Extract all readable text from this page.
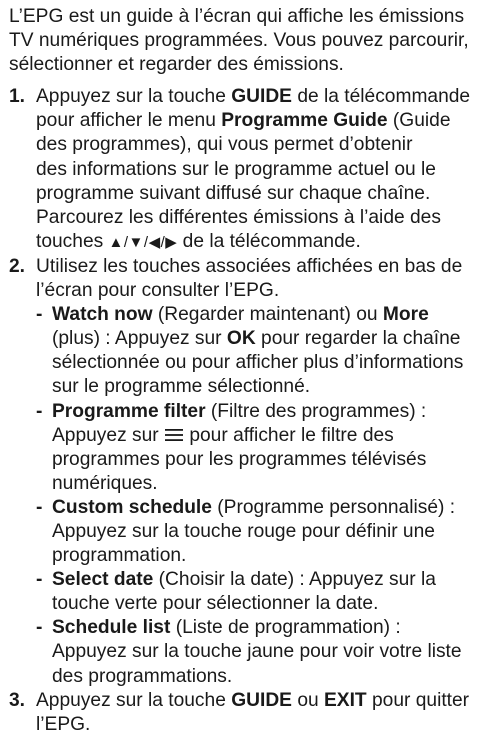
L’EPG est un guide à l’écran qui affiche les émissions

TV numériques programmées. Vous pouvez parcourir,

sélectionner et regarder des émissions.

1. Appuyez sur la touche GUIDE de la télécommande

pour afficher le menu Programme Guide (Guide

des programmes), qui vous permet d’obtenir

des informations sur le programme actuel ou le

programme suivant diffusé sur chaque chaîne.

Parcourez les différentes émissions à l’aide des

touches ▲/▼/◀/▶ de la télécommande.

2. Utilisez les touches associées affichées en bas de

l’écran pour consulter l’EPG.

- Watch now (Regarder maintenant) ou More

(plus) : Appuyez sur OK pour regarder la chaîne

sélectionnée ou pour afficher plus d’informations

sur le programme sélectionné.

- Programme filter (Filtre des programmes) :

Appuyez sur  pour afficher le filtre des

programmes pour les programmes télévisés

numériques.

- Custom schedule (Programme personnalisé) :

Appuyez sur la touche rouge pour définir une

programmation.

- Select date (Choisir la date) : Appuyez sur la

touche verte pour sélectionner la date.

- Schedule list (Liste de programmation) :

Appuyez sur la touche jaune pour voir votre liste

des programmations.

3. Appuyez sur la touche GUIDE ou EXIT pour quitter

l’EPG.
